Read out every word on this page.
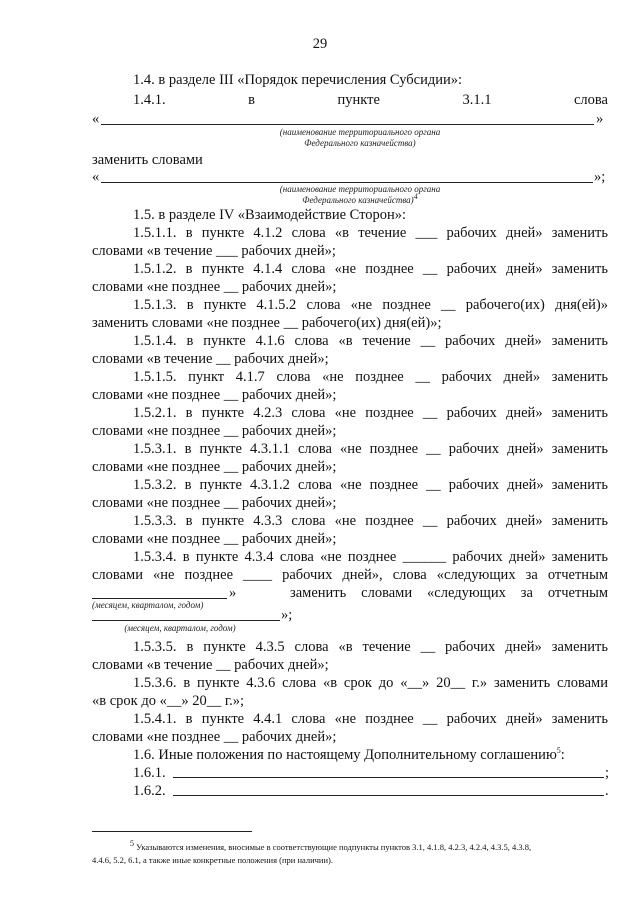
29
1.4. в разделе III «Порядок перечисления Субсидии»:
1.4.1.	в	пункте	3.1.1	слова
«	»
(наименование территориального органа
Федерального казначейства)
заменить словами
«	»;
(наименование территориального органа
Федерального казначейства)4
1.5. в разделе IV «Взаимодействие Сторон»:
1.5.1.1. в пункте 4.1.2 слова «в течение ___ рабочих дней» заменить
словами «в течение ___ рабочих дней»;
1.5.1.2. в пункте 4.1.4 слова «не позднее __ рабочих дней» заменить
словами «не позднее __ рабочих дней»;
1.5.1.3. в пункте 4.1.5.2 слова «не позднее __ рабочего(их) дня(ей)»
заменить словами «не позднее __ рабочего(их) дня(ей)»;
1.5.1.4. в пункте 4.1.6 слова «в течение __ рабочих дней» заменить
словами «в течение __ рабочих дней»;
1.5.1.5. пункт 4.1.7 слова «не позднее __ рабочих дней» заменить
словами «не позднее __ рабочих дней»;
1.5.2.1. в пункте 4.2.3 слова «не позднее __ рабочих дней» заменить
словами «не позднее __ рабочих дней»;
1.5.3.1. в пункте 4.3.1.1 слова «не позднее __ рабочих дней» заменить
словами «не позднее __ рабочих дней»;
1.5.3.2. в пункте 4.3.1.2 слова «не позднее __ рабочих дней» заменить
словами «не позднее __ рабочих дней»;
1.5.3.3. в пункте 4.3.3 слова «не позднее __ рабочих дней» заменить
словами «не позднее __ рабочих дней»;
1.5.3.4. в пункте 4.3.4 слова «не позднее ______ рабочих дней» заменить
словами «не позднее ____ рабочих дней», слова «следующих за отчетным
»	заменить словами «следующих за отчетным
(месяцем, кварталом, годом)
»;
(месяцем, кварталом, годом)
1.5.3.5. в пункте 4.3.5 слова «в течение __ рабочих дней» заменить
словами «в течение __ рабочих дней»;
1.5.3.6. в пункте 4.3.6 слова «в срок до «__» 20__ г.» заменить словами
«в срок до «__» 20__ г.»;
1.5.4.1. в пункте 4.4.1 слова «не позднее __ рабочих дней» заменить
словами «не позднее __ рабочих дней»;
1.6. Иные положения по настоящему Дополнительному соглашению$^5$:
1.6.1.	;
1.6.2.	.
5 Указываются изменения, вносимые в соответствующие подпункты пунктов 3.1, 4.1.8, 4.2.3, 4.2.4, 4.3.5, 4.3.8,
4.4.6, 5.2, 6.1, а также иные конкретные положения (при наличии).
